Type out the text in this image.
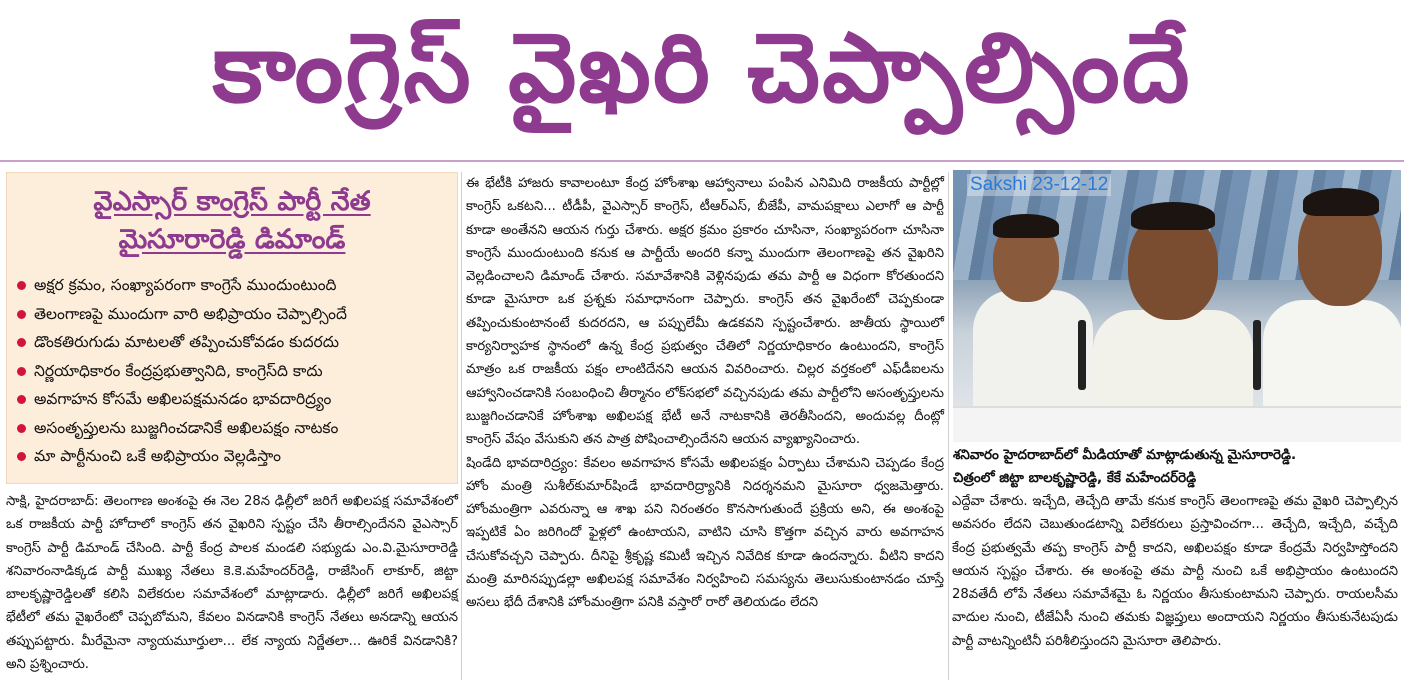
కాంగ్రెస్ వైఖరి చెప్పాల్సిందే
వైఎస్సార్ కాంగ్రెస్ పార్టీ నేత
మైసూరారెడ్డి డిమాండ్
అక్షర క్రమం, సంఖ్యాపరంగా కాంగ్రెసే ముందుంటుంది
తెలంగాణపై ముందుగా వారి అభిప్రాయం చెప్పాల్సిందే
డొంకతిరుగుడు మాటలతో తప్పించుకోవడం కుదరదు
నిర్ణయాధికారం కేంద్రప్రభుత్వానిది, కాంగ్రెస్‌ది కాదు
అవగాహన కోసమే అఖిలపక్షమనడం భావదారిద్ర్యం
అసంతృప్తులను బుజ్జగించడానికే అఖిలపక్షం నాటకం
మా పార్టీనుంచి ఒకే అభిప్రాయం వెల్లడిస్తాం

సాక్షి, హైదరాబాద్: తెలంగాణ అంశంపై ఈ నెల 28న ఢిల్లీలో జరిగే అఖిలపక్ష సమావేశంలో ఒక రాజకీయ పార్టీ హోదాలో కాంగ్రెస్ తన వైఖరిని స్పష్టం చేసి తీరాల్సిందేనని వైఎస్సార్ కాంగ్రెస్ పార్టీ డిమాండ్ చేసింది. పార్టీ కేంద్ర పాలక మండలి సభ్యుడు ఎం.వి.మైసూరారెడ్డి శనివారంనాడిక్కడ పార్టీ ముఖ్య నేతలు కె.కె.మహేందర్‌రెడ్డి, రాజేసింగ్ లాకూర్, జిట్టా బాలకృష్ణారెడ్డిలతో కలిసి విలేకరుల సమావేశంలో మాట్లాడారు. ఢిల్లీలో జరిగే అఖిలపక్ష భేటీలో తమ వైఖరేంటో చెప్పబోమని, కేవలం వినడానికి కాంగ్రెస్ నేతలు అనడాన్ని ఆయన తప్పుపట్టారు. మీరేమైనా న్యాయమూర్తులా... లేక న్యాయ నిర్ణేతలా... ఊరికే వినడానికి? అని ప్రశ్నించారు.

ఈ భేటీకి హాజరు కావాలంటూ కేంద్ర హోంశాఖ ఆహ్వానాలు పంపిన ఎనిమిది రాజకీయ పార్టీల్లో కాంగ్రెస్ ఒకటని... టీడీపీ, వైఎస్సార్ కాంగ్రెస్, టీఆర్‌ఎస్, బీజేపీ, వామపక్షాలు ఎలాగో ఆ పార్టీ కూడా అంతేనని ఆయన గుర్తు చేశారు. అక్షర క్రమం ప్రకారం చూసినా, సంఖ్యాపరంగా చూసినా కాంగ్రెసే ముందుంటుంది కనుక ఆ పార్టీయే అందరి కన్నా ముందుగా తెలంగాణపై తన వైఖరిని వెల్లడించాలని డిమాండ్ చేశారు. సమావేశానికి వెళ్లినపుడు తమ పార్టీ ఆ విధంగా కోరతుందని కూడా మైసూరా ఒక ప్రశ్నకు సమాధానంగా చెప్పారు. కాంగ్రెస్ తన వైఖరేంటో చెప్పకుండా తప్పించుకుంటానంటే కుదరదని, ఆ పప్పులేమీ ఉడకవని స్పష్టంచేశారు. జాతీయ స్థాయిలో కార్యనిర్వాహక స్థానంలో ఉన్న కేంద్ర ప్రభుత్వం చేతిలో నిర్ణయాధికారం ఉంటుందని, కాంగ్రెస్ మాత్రం ఒక రాజకీయ పక్షం లాంటిదేనని ఆయన వివరించారు. చిల్లర వర్తకంలో ఎఫ్‌డీఐలను ఆహ్వానించడానికి సంబంధించి తీర్మానం లోక్‌సభలో వచ్చినపుడు తమ పార్టీలోని అసంతృప్తులను బుజ్జగించడానికే హోంశాఖ అఖిలపక్ష భేటీ అనే నాటకానికి తెరతీసిందని, అందువల్ల దీంట్లో కాంగ్రెస్ వేషం వేసుకుని తన పాత్ర పోషించాల్సిందేనని ఆయన వ్యాఖ్యానించారు.

షిండేది భావదారిద్ర్యం: కేవలం అవగాహన కోసమే అఖిలపక్షం ఏర్పాటు చేశామని చెప్పడం కేంద్ర హోం మంత్రి సుశీల్‌కుమార్‌షిండే భావదారిద్ర్యానికి నిదర్శనమని మైసూరా ధ్వజమెత్తారు. హోంమంత్రిగా ఎవరున్నా ఆ శాఖ పని నిరంతరం కొనసాగుతుందే ప్రక్రియ అని, ఈ అంశంపై ఇప్పటికే ఏం జరిగిందో ఫైళ్లలో ఉంటాయని, వాటిని చూసి కొత్తగా వచ్చిన వారు అవగాహన చేసుకోవచ్చని చెప్పారు. దీనిపై శ్రీకృష్ణ కమిటీ ఇచ్చిన నివేదిక కూడా ఉందన్నారు. వీటిని కాదని మంత్రి మారినప్పుడల్లా అఖిలపక్ష సమావేశం నిర్వహించి సమస్యను తెలుసుకుంటానడం చూస్తే అసలు భేదీ దేశానికి హోంమంత్రిగా పనికి వస్తారో రారో తెలియడం లేదని

Sakshi 23-12-12
శనివారం హైదరాబాద్‌లో మీడియాతో మాట్లాడుతున్న మైసూరారెడ్డి.
చిత్రంలో జిట్టా బాలకృష్ణారెడ్డి, కేకే మహేందర్‌రెడ్డి

ఎద్దేవా చేశారు. ఇచ్చేది, తెచ్చేది తామే కనుక కాంగ్రెస్ తెలంగాణపై తమ వైఖరి చెప్పాల్సిన అవసరం లేదని చెబుతుండటాన్ని విలేకరులు ప్రస్తావించగా... తెచ్చేది, ఇచ్చేది, వచ్చేది కేంద్ర ప్రభుత్వమే తప్ప కాంగ్రెస్ పార్టీ కాదని, అఖిలపక్షం కూడా కేంద్రమే నిర్వహిస్తోందని ఆయన స్పష్టం చేశారు. ఈ అంశంపై తమ పార్టీ నుంచి ఒకే అభిప్రాయం ఉంటుందని 28వతేదీ లోపే నేతలు సమావేశమై ఓ నిర్ణయం తీసుకుంటామని చెప్పారు. రాయలసీమ వాదుల నుంచి, టీజేఏసీ నుంచి తమకు విజ్ఞప్తులు అందాయని నిర్ణయం తీసుకునేటపుడు పార్టీ వాటన్నింటినీ పరిశీలిస్తుందని మైసూరా తెలిపారు.
